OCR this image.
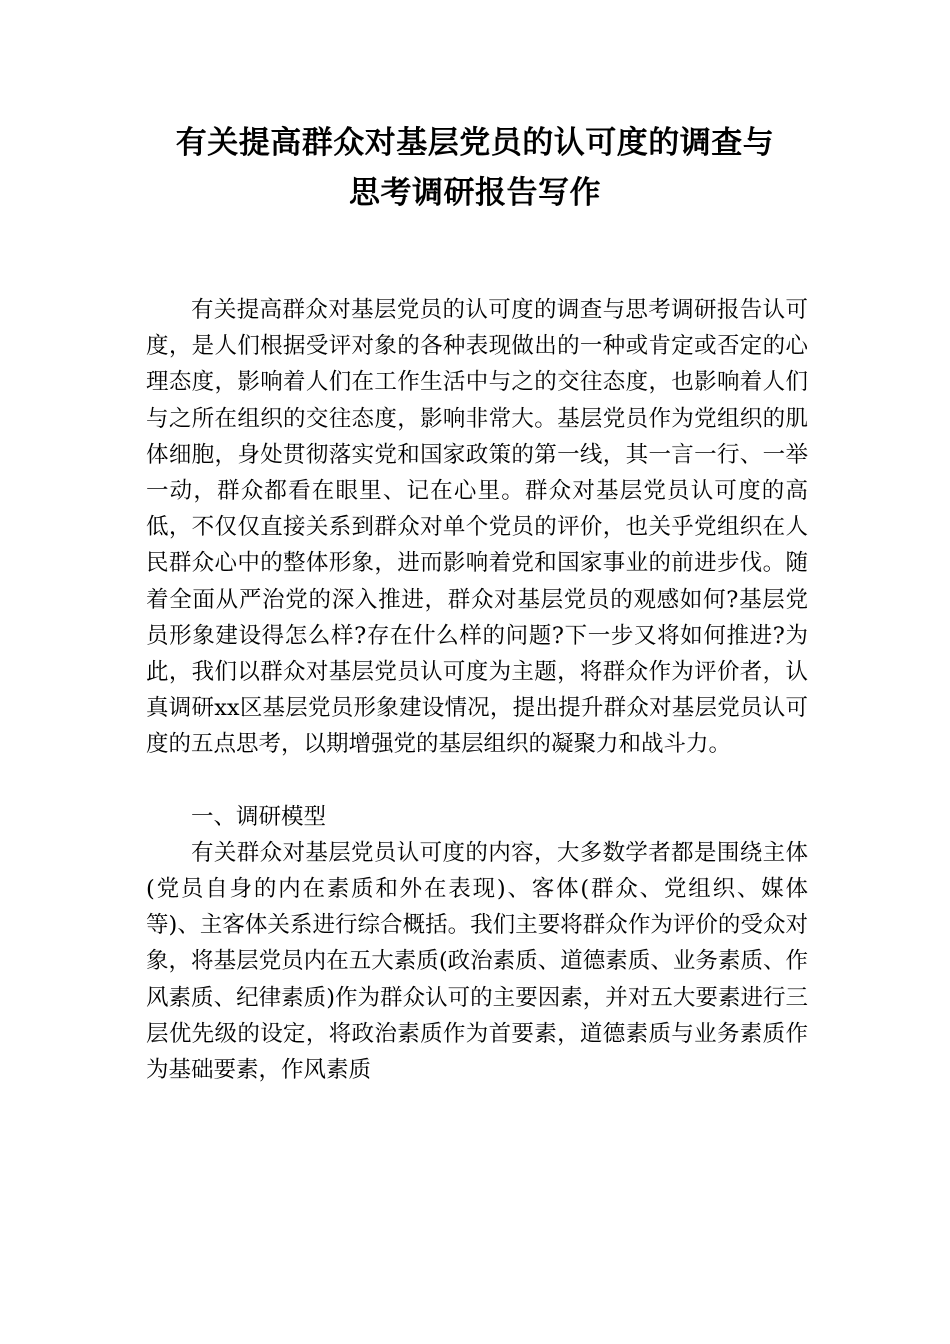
有关提高群众对基层党员的认可度的调查与
思考调研报告写作

有关提高群众对基层党员的认可度的调查与思考调研报告认可度，是人们根据受评对象的各种表现做出的一种或肯定或否定的心理态度，影响着人们在工作生活中与之的交往态度，也影响着人们与之所在组织的交往态度，影响非常大。基层党员作为党组织的肌体细胞，身处贯彻落实党和国家政策的第一线，其一言一行、一举一动，群众都看在眼里、记在心里。群众对基层党员认可度的高低，不仅仅直接关系到群众对单个党员的评价，也关乎党组织在人民群众心中的整体形象，进而影响着党和国家事业的前进步伐。随着全面从严治党的深入推进，群众对基层党员的观感如何?基层党员形象建设得怎么样?存在什么样的问题?下一步又将如何推进?为此，我们以群众对基层党员认可度为主题，将群众作为评价者，认真调研xx区基层党员形象建设情况，提出提升群众对基层党员认可度的五点思考，以期增强党的基层组织的凝聚力和战斗力。

一、调研模型

有关群众对基层党员认可度的内容，大多数学者都是围绕主体(党员自身的内在素质和外在表现)、客体(群众、党组织、媒体等)、主客体关系进行综合概括。我们主要将群众作为评价的受众对象，将基层党员内在五大素质(政治素质、道德素质、业务素质、作风素质、纪律素质)作为群众认可的主要因素，并对五大要素进行三层优先级的设定，将政治素质作为首要素，道德素质与业务素质作为基础要素，作风素质
